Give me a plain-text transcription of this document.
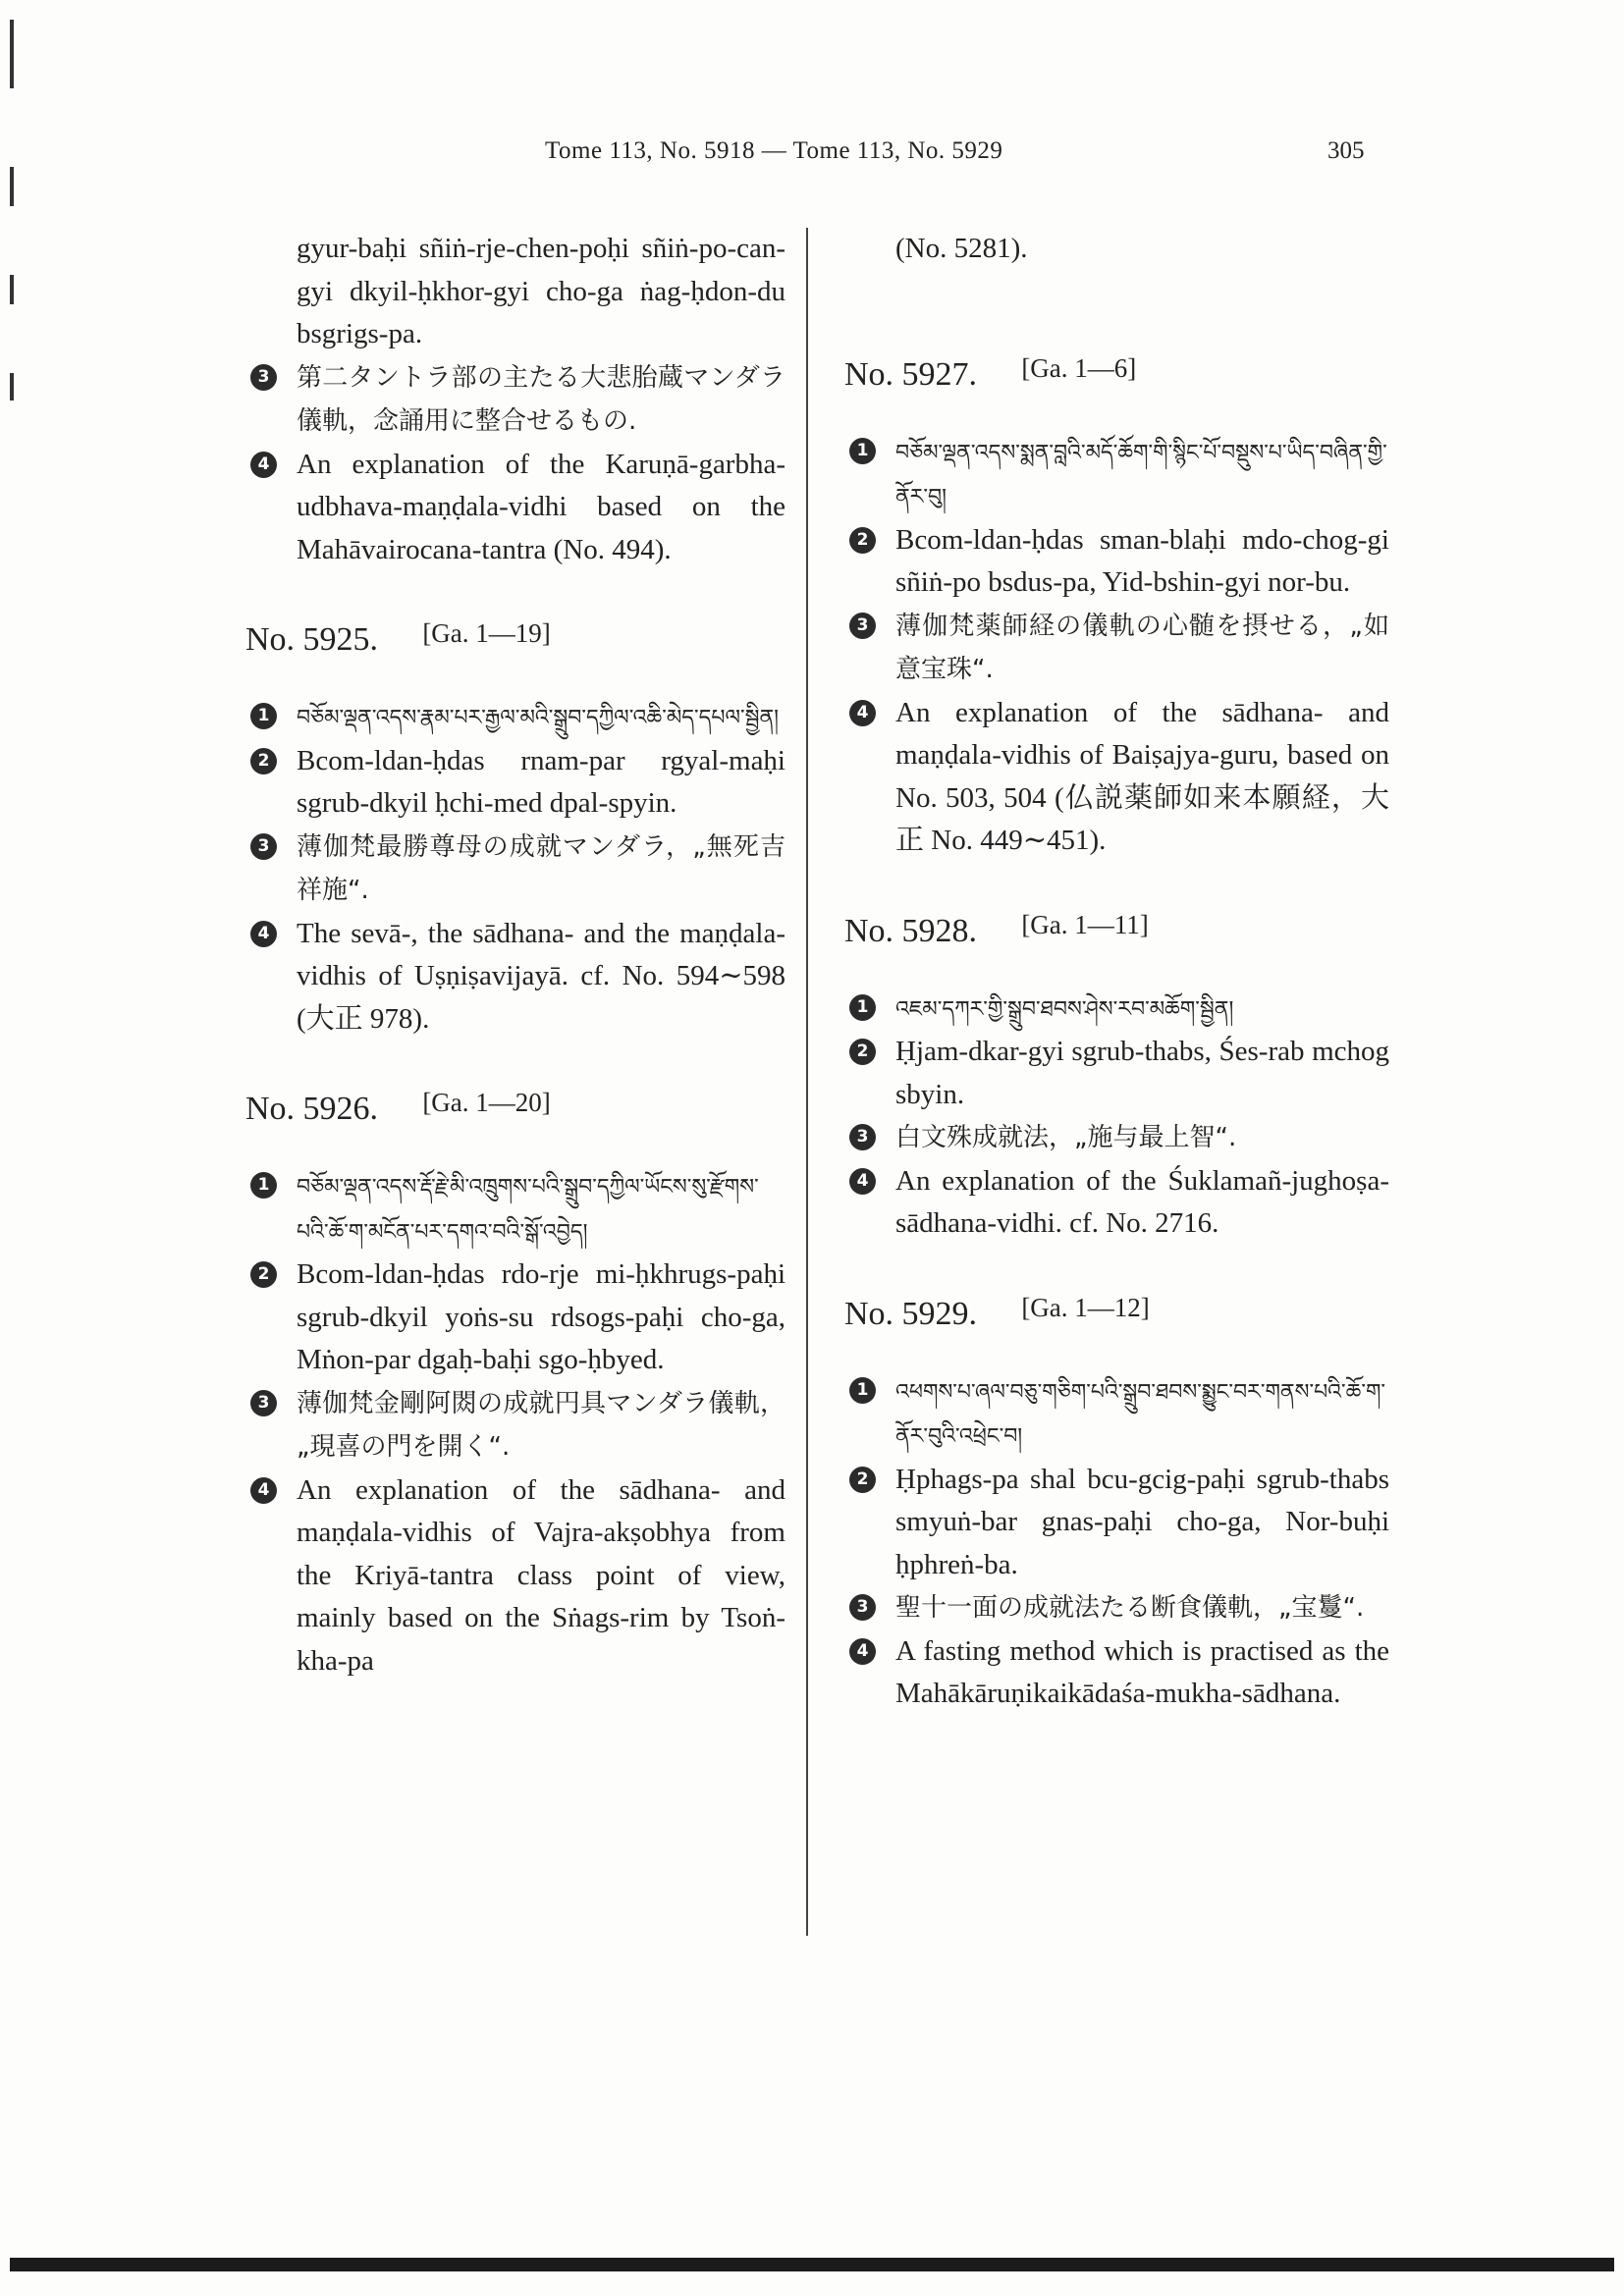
Tome 113, No. 5918 — Tome 113, No. 5929	305
gyur-baḥi sñiṅ-rje-chen-poḥi sñiṅ-po-can-gyi dkyil-ḥkhor-gyi cho-ga ṅag-ḥdon-du bsgrigs-pa.
3 第二タントラ部の主たる大悲胎蔵マンダラ儀軌，念誦用に整合せるもの.
4 An explanation of the Karuṇā-garbha-udbhava-maṇḍala-vidhi based on the Mahāvairocana-tantra (No. 494).
No. 5925. [Ga. 1—19]
1	བཅོམ་ལྡན་འདས་རྣམ་པར་རྒྱལ་མའི་སྒྲུབ་དཀྱིལ་འཆི་མེད་དཔལ་སྦྱིན།
2 Bcom-ldan-ḥdas rnam-par rgyal-maḥi sgrub-dkyil ḥchi-med dpal-spyin.
3 薄伽梵最勝尊母の成就マンダラ，„無死吉祥施“.
4 The sevā-, the sādhana- and the maṇḍala-vidhis of Uṣṇiṣavijayā. cf. No. 594∼598 (大正 978).
No. 5926. [Ga. 1—20]
1	བཅོམ་ལྡན་འདས་རྡོ་རྗེ་མི་འཁྲུགས་པའི་སྒྲུབ་དཀྱིལ་ཡོངས་སུ་རྫོགས་པའི་ཆོ་ག་མངོན་པར་དགའ་བའི་སྒོ་འབྱེད།
2 Bcom-ldan-ḥdas rdo-rje mi-ḥkhrugs-paḥi sgrub-dkyil yoṅs-su rdsogs-paḥi cho-ga, Mṅon-par dgaḥ-baḥi sgo-ḥbyed.
3 薄伽梵金剛阿閦の成就円具マンダラ儀軌，„現喜の門を開く“.
4 An explanation of the sādhana- and maṇḍala-vidhis of Vajra-akṣobhya from the Kriyā-tantra class point of view, mainly based on the Sṅags-rim by Tsoṅ-kha-pa
(No. 5281).
No. 5927. [Ga. 1—6]
1	བཅོམ་ལྡན་འདས་སྨན་བླའི་མདོ་ཆོག་གི་སྙིང་པོ་བསྡུས་པ་ཡིད་བཞིན་གྱི་ནོར་བུ།
2 Bcom-ldan-ḥdas sman-blaḥi mdo-chog-gi sñiṅ-po bsdus-pa, Yid-bshin-gyi nor-bu.
3 薄伽梵薬師経の儀軌の心髄を摂せる，„如意宝珠“.
4 An explanation of the sādhana- and maṇḍala-vidhis of Baiṣajya-guru, based on No. 503, 504 (仏説薬師如来本願経，大正 No. 449∼451).
No. 5928. [Ga. 1—11]
1	འཇམ་དཀར་གྱི་སྒྲུབ་ཐབས་ཤེས་རབ་མཆོག་སྦྱིན།
2 Ḥjam-dkar-gyi sgrub-thabs, Śes-rab mchog sbyin.
3 白文殊成就法，„施与最上智“.
4 An explanation of the Śuklamañ-jughoṣa-sādhana-vidhi. cf. No. 2716.
No. 5929. [Ga. 1—12]
1	འཕགས་པ་ཞལ་བཅུ་གཅིག་པའི་སྒྲུབ་ཐབས་སྨྱུང་བར་གནས་པའི་ཆོ་ག་ནོར་བུའི་འཕྲེང་བ།
2 Ḥphags-pa shal bcu-gcig-paḥi sgrub-thabs smyuṅ-bar gnas-paḥi cho-ga, Nor-buḥi ḥphreṅ-ba.
3 聖十一面の成就法たる断食儀軌，„宝鬘“.
4 A fasting method which is practised as the Mahākāruṇikaikādaśa-mukha-sādhana.
